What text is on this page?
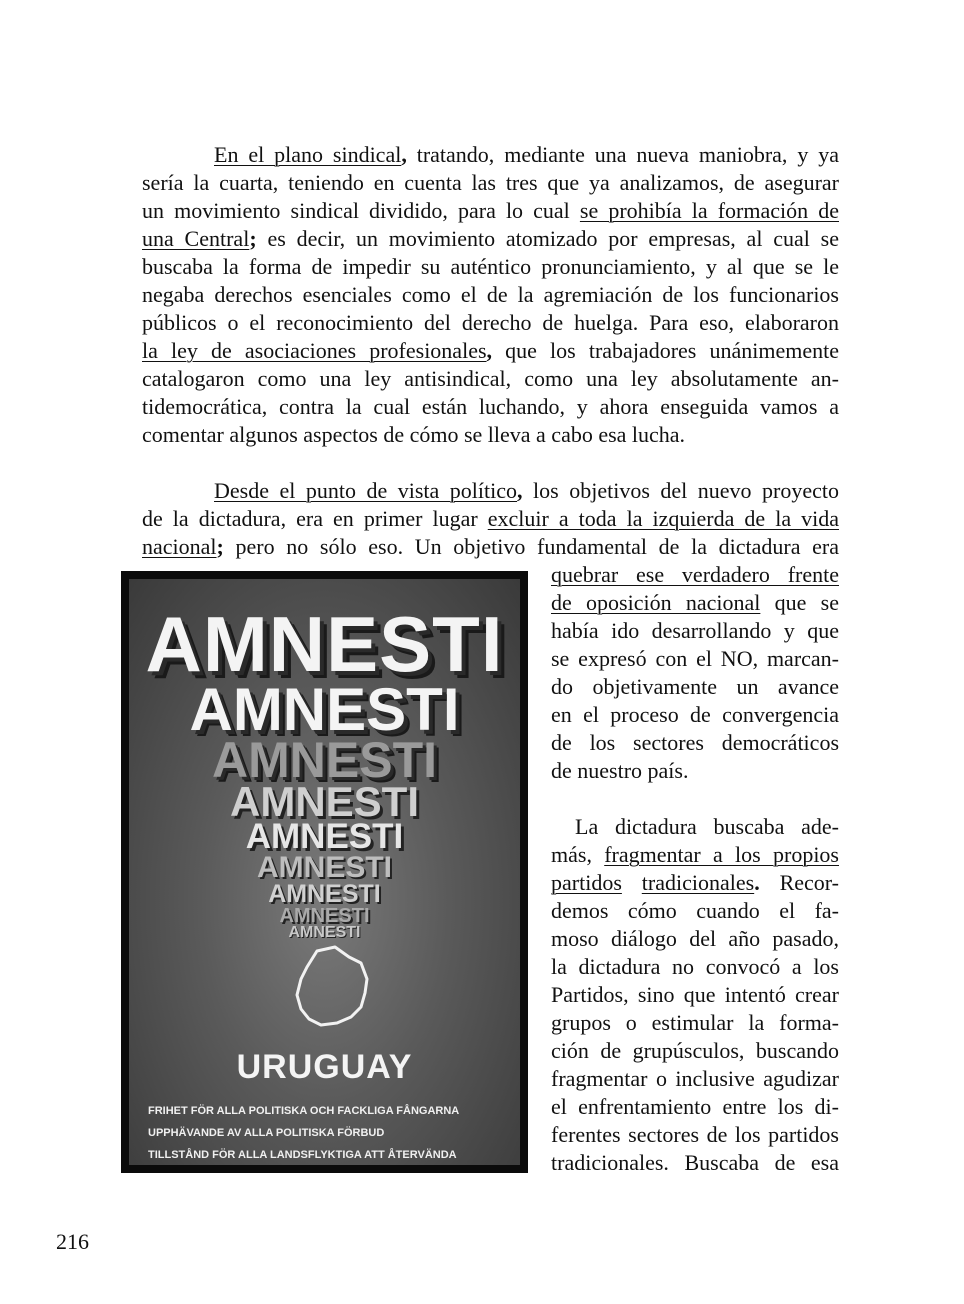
En el plano sindical, tratando, mediante una nueva maniobra, y ya
sería la cuarta, teniendo en cuenta las tres que ya analizamos, de asegurar
un movimiento sindical dividido, para lo cual se prohibía la formación de
una Central; es decir, un movimiento atomizado por empresas, al cual se
buscaba la forma de impedir su auténtico pronunciamiento, y al que se le
negaba derechos esenciales como el de la agremiación de los funcionarios
públicos o el reconocimiento del derecho de huelga. Para eso, elaboraron
la ley de asociaciones profesionales, que los trabajadores unánimemente
catalogaron como una ley antisindical, como una ley absolutamente an-
tidemocrática, contra la cual están luchando, y ahora enseguida vamos a
comentar algunos aspectos de cómo se lleva a cabo esa lucha.
Desde el punto de vista político, los objetivos del nuevo proyecto
de la dictadura, era en primer lugar excluir a toda la izquierda de la vida
nacional; pero no sólo eso. Un objetivo fundamental de la dictadura era
quebrar ese verdadero frente
de oposición nacional que se
había ido desarrollando y que
se expresó con el NO, marcan-
do objetivamente un avance
en el proceso de convergencia
de los sectores democráticos
de nuestro país.
La dictadura buscaba ade-
más, fragmentar a los propios
partidos tradicionales. Recor-
demos cómo cuando el fa-
moso diálogo del año pasado,
la dictadura no convocó a los
Partidos, sino que intentó crear
grupos o estimular la forma-
ción de grupúsculos, buscando
fragmentar o inclusive agudizar
el enfrentamiento entre los di-
ferentes sectores de los partidos
tradicionales. Buscaba de esa
AMNESTI
AMNESTI
AMNESTI
AMNESTI
AMNESTI
AMNESTI
AMNESTI
AMNESTI
AMNESTI
URUGUAY
FRIHET FÖR ALLA POLITISKA OCH FACKLIGA FÅNGARNA
UPPHÄVANDE AV ALLA POLITISKA FÖRBUD
TILLSTÅND FÖR ALLA LANDSFLYKTIGA ATT ÅTERVÄNDA
216
